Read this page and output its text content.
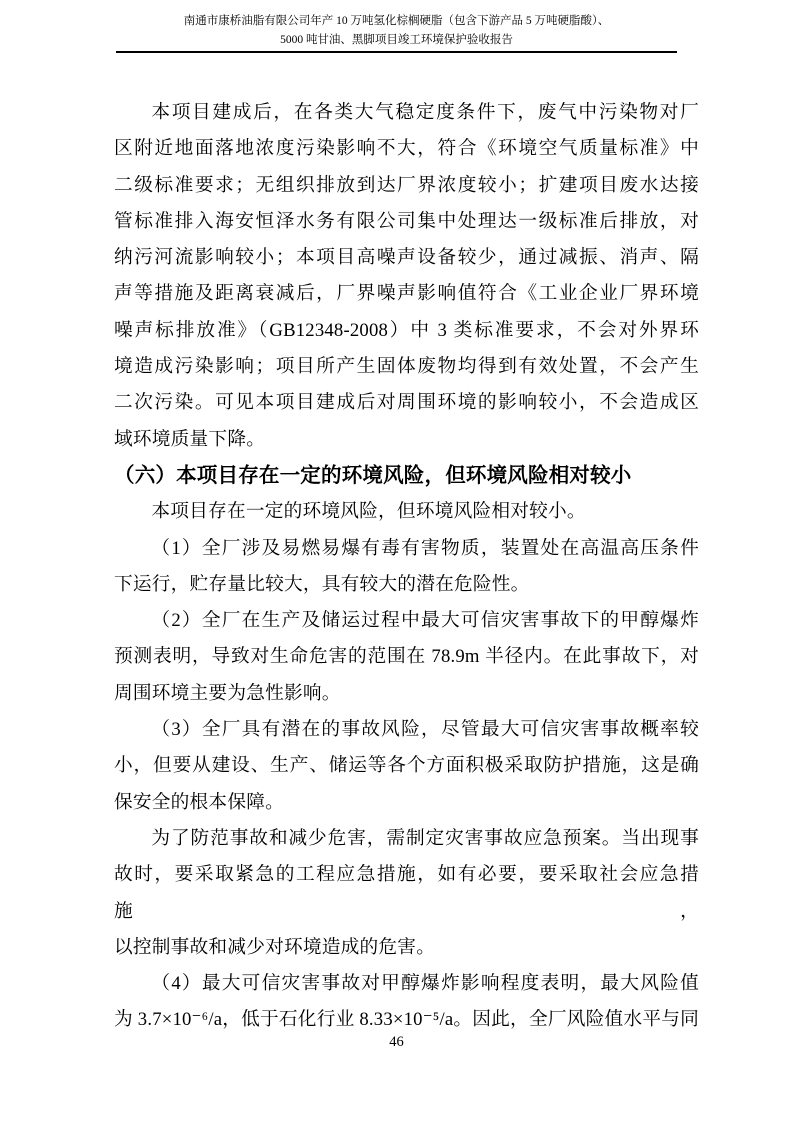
南通市康桥油脂有限公司年产 10 万吨氢化棕榈硬脂（包含下游产品 5 万吨硬脂酸）、
5000 吨甘油、黑脚项目竣工环境保护验收报告
本项目建成后，在各类大气稳定度条件下，废气中污染物对厂
区附近地面落地浓度污染影响不大，符合《环境空气质量标准》中
二级标准要求；无组织排放到达厂界浓度较小；扩建项目废水达接
管标准排入海安恒泽水务有限公司集中处理达一级标准后排放，对
纳污河流影响较小；本项目高噪声设备较少，通过减振、消声、隔
声等措施及距离衰减后，厂界噪声影响值符合《工业企业厂界环境
噪声标排放准》（GB12348-2008）中 3 类标准要求，不会对外界环
境造成污染影响；项目所产生固体废物均得到有效处置，不会产生
二次污染。可见本项目建成后对周围环境的影响较小，不会造成区
域环境质量下降。
（六）本项目存在一定的环境风险，但环境风险相对较小
本项目存在一定的环境风险，但环境风险相对较小。
（1）全厂涉及易燃易爆有毒有害物质，装置处在高温高压条件
下运行，贮存量比较大，具有较大的潜在危险性。
（2）全厂在生产及储运过程中最大可信灾害事故下的甲醇爆炸
预测表明，导致对生命危害的范围在 78.9m 半径内。在此事故下，对
周围环境主要为急性影响。
（3）全厂具有潜在的事故风险，尽管最大可信灾害事故概率较
小，但要从建设、生产、储运等各个方面积极采取防护措施，这是确
保安全的根本保障。
为了防范事故和减少危害，需制定灾害事故应急预案。当出现事
故时，要采取紧急的工程应急措施，如有必要，要采取社会应急措施，
以控制事故和减少对环境造成的危害。
（4）最大可信灾害事故对甲醇爆炸影响程度表明，最大风险值
为 3.7×10⁻⁶/a，低于石化行业 8.33×10⁻⁵/a。因此，全厂风险值水平与同
46
